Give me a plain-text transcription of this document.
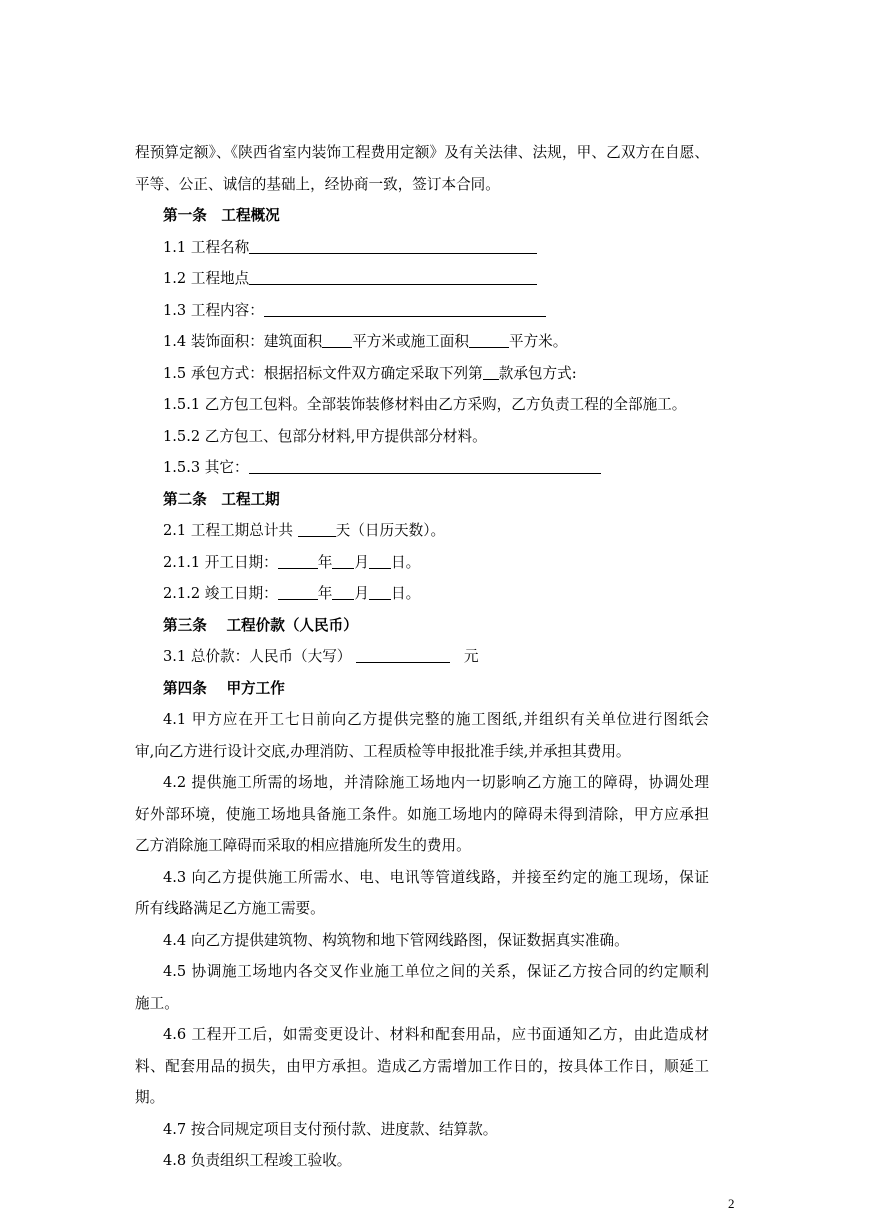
程预算定额》、《陕西省室内装饰工程费用定额》及有关法律、法规，甲、乙双方在自愿、
平等、公正、诚信的基础上，经协商一致，签订本合同。
第一条　工程概况
1.1 工程名称
1.2 工程地点
1.3 工程内容：
1.4 装饰面积：建筑面积 平方米或施工面积	平方米。
1.5 承包方式：根据招标文件双方确定采取下列第 款承包方式:
1.5.1 乙方包工包料。全部装饰装修材料由乙方采购，乙方负责工程的全部施工。
1.5.2 乙方包工、包部分材料,甲方提供部分材料。
1.5.3 其它：
第二条　工程工期
2.1 工程工期总计共	天（日历天数）。
2.1.1 开工日期：	年 月 日。
2.1.2 竣工日期：	年 月 日。
第三条　 工程价款（人民币）
3.1 总价款：人民币（大写）	元
第四条　 甲方工作
4.1 甲方应在开工七日前向乙方提供完整的施工图纸,并组织有关单位进行图纸会
审,向乙方进行设计交底,办理消防、工程质检等申报批准手续,并承担其费用。
4.2 提供施工所需的场地，并清除施工场地内一切影响乙方施工的障碍，协调处理
好外部环境，使施工场地具备施工条件。如施工场地内的障碍未得到清除，甲方应承担
乙方消除施工障碍而采取的相应措施所发生的费用。
4.3 向乙方提供施工所需水、电、电讯等管道线路，并接至约定的施工现场，保证
所有线路满足乙方施工需要。
4.4 向乙方提供建筑物、构筑物和地下管网线路图，保证数据真实准确。
4.5 协调施工场地内各交叉作业施工单位之间的关系，保证乙方按合同的约定顺利
施工。
4.6 工程开工后，如需变更设计、材料和配套用品，应书面通知乙方，由此造成材
料、配套用品的损失，由甲方承担。造成乙方需增加工作日的，按具体工作日，顺延工
期。
4.7 按合同规定项目支付预付款、进度款、结算款。
4.8 负责组织工程竣工验收。
2
